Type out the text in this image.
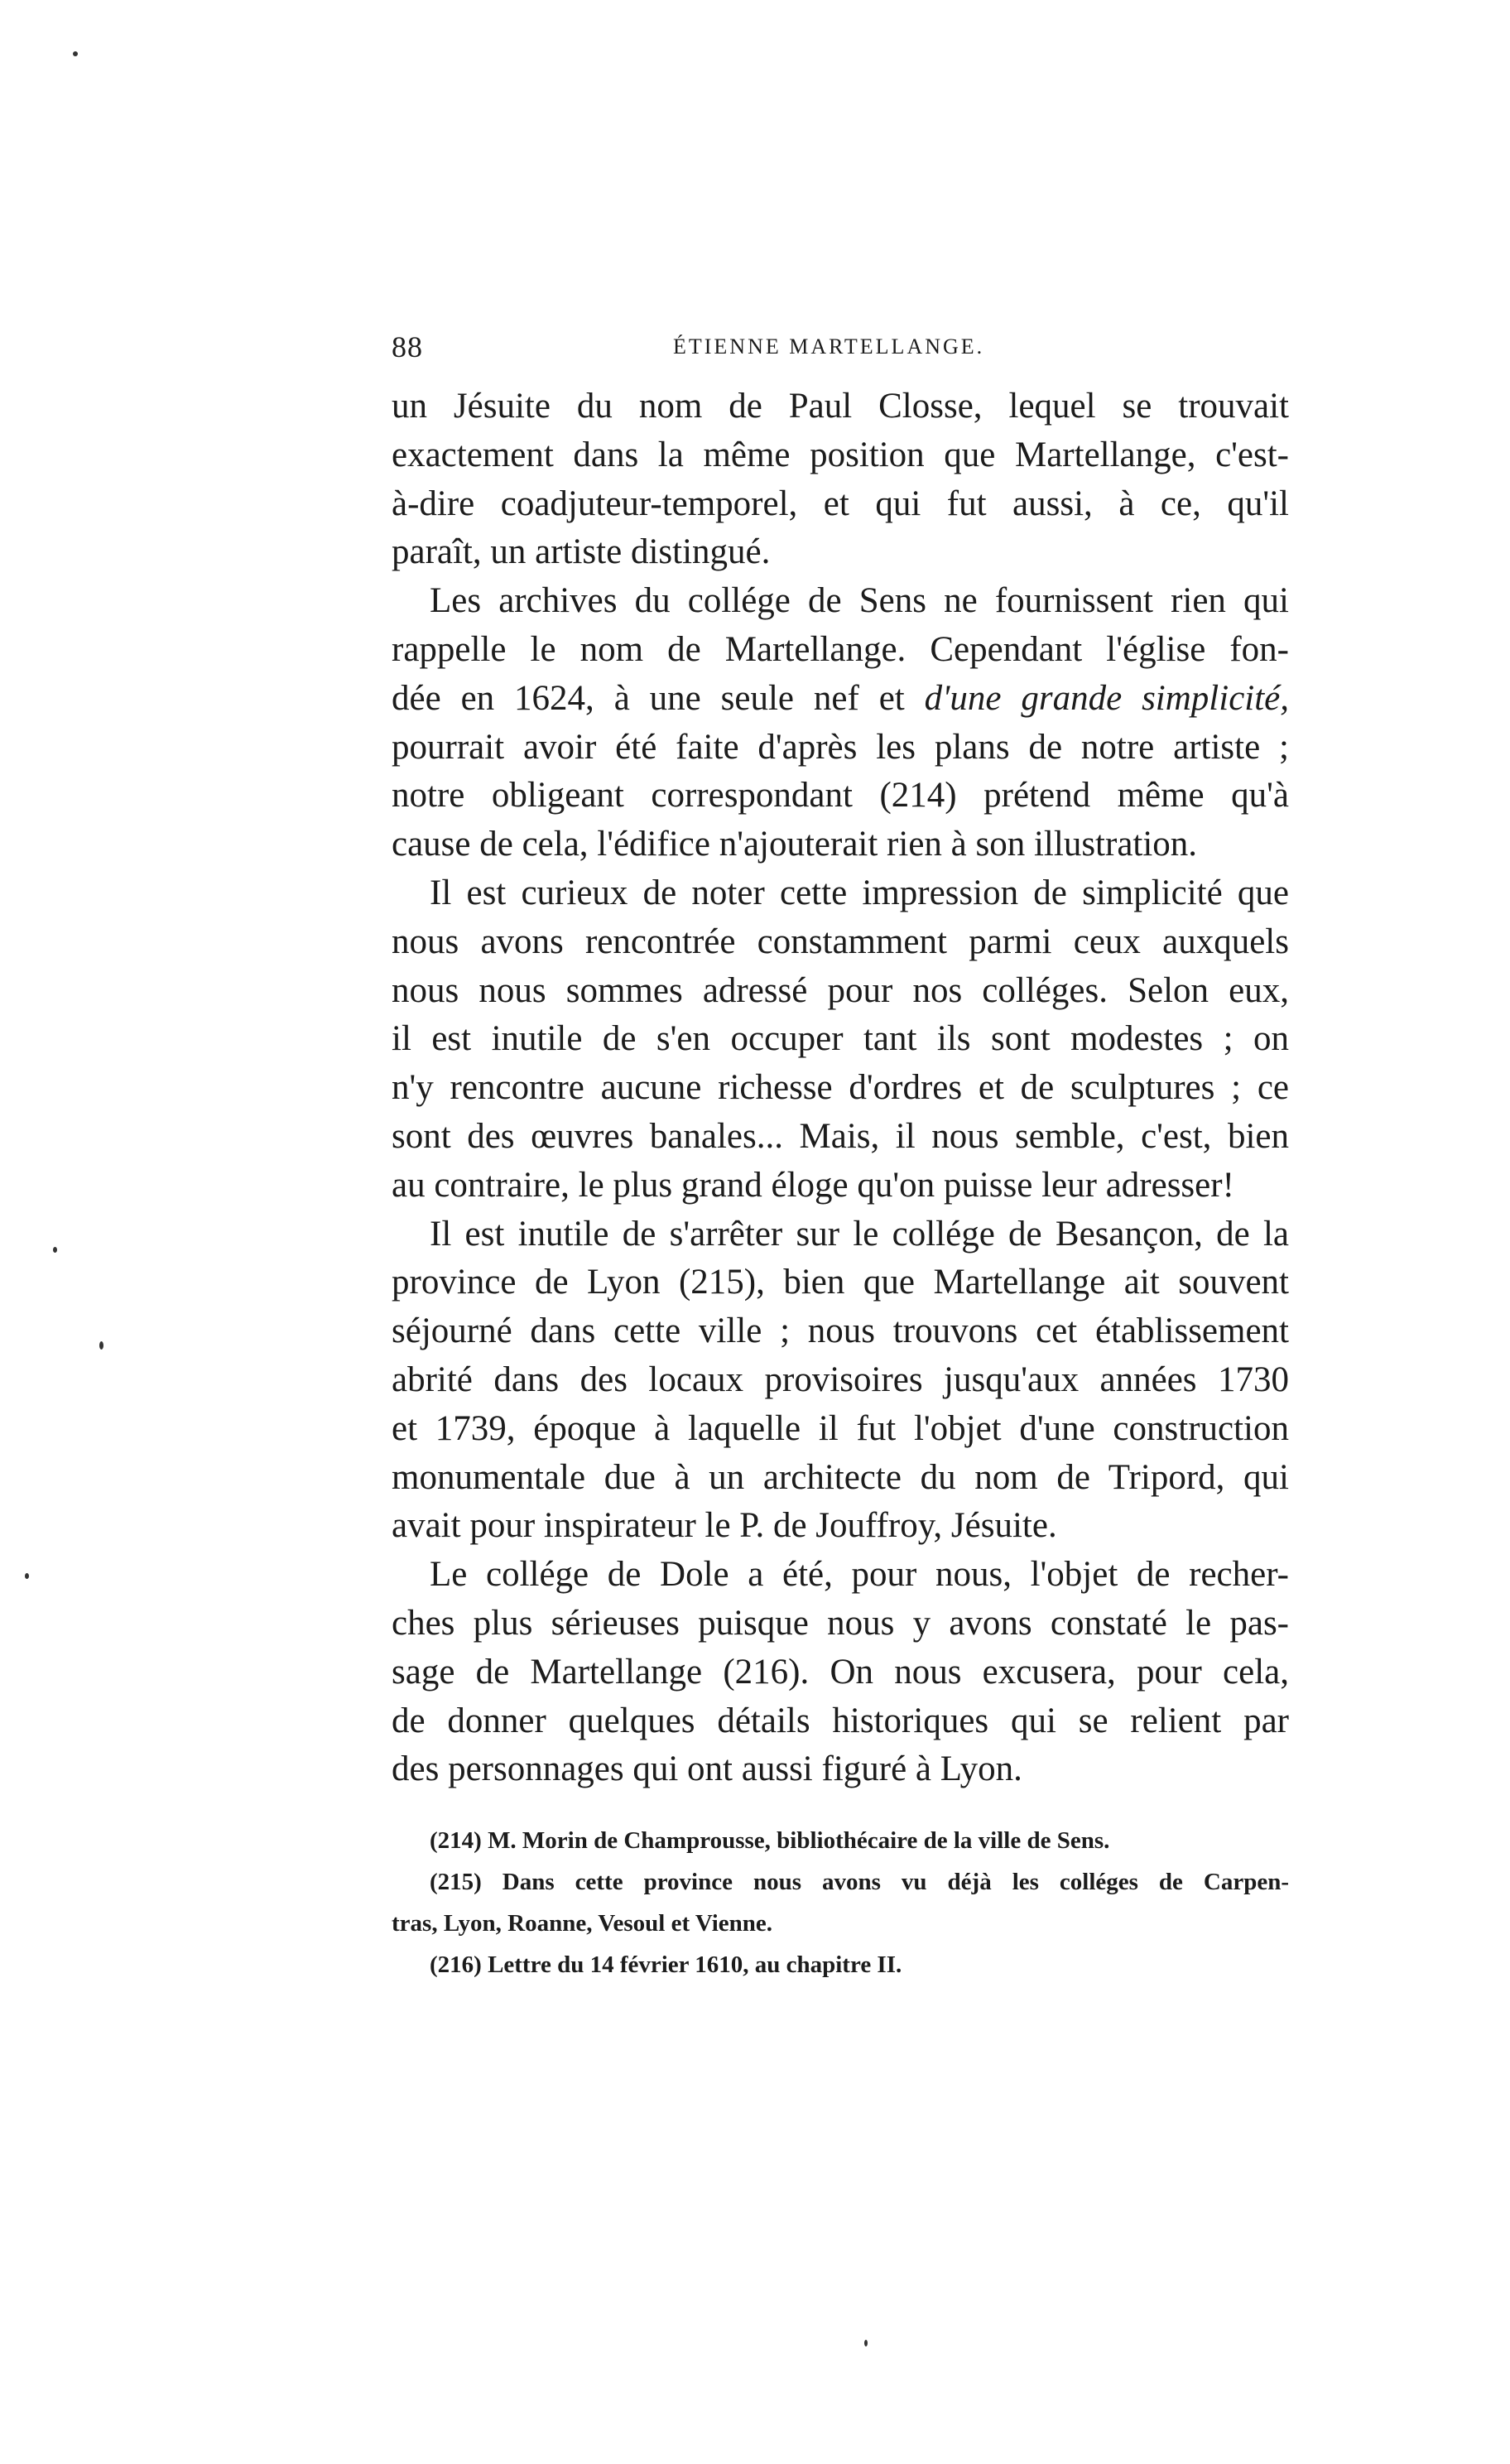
88	ÉTIENNE MARTELLANGE.
un Jésuite du nom de Paul Closse, lequel se trouvait
exactement dans la même position que Martellange, c'est-
à-dire coadjuteur-temporel, et qui fut aussi, à ce, qu'il
paraît, un artiste distingué.
Les archives du collége de Sens ne fournissent rien qui
rappelle le nom de Martellange. Cependant l'église fon-
dée en 1624, à une seule nef et d'une grande simplicité,
pourrait avoir été faite d'après les plans de notre artiste ;
notre obligeant correspondant (214) prétend même qu'à
cause de cela, l'édifice n'ajouterait rien à son illustration.
Il est curieux de noter cette impression de simplicité que
nous avons rencontrée constamment parmi ceux auxquels
nous nous sommes adressé pour nos colléges. Selon eux,
il est inutile de s'en occuper tant ils sont modestes ; on
n'y rencontre aucune richesse d'ordres et de sculptures ; ce
sont des œuvres banales... Mais, il nous semble, c'est, bien
au contraire, le plus grand éloge qu'on puisse leur adresser!
Il est inutile de s'arrêter sur le collége de Besançon, de la
province de Lyon (215), bien que Martellange ait souvent
séjourné dans cette ville ; nous trouvons cet établissement
abrité dans des locaux provisoires jusqu'aux années 1730
et 1739, époque à laquelle il fut l'objet d'une construction
monumentale due à un architecte du nom de Tripord, qui
avait pour inspirateur le P. de Jouffroy, Jésuite.
Le collége de Dole a été, pour nous, l'objet de recher-
ches plus sérieuses puisque nous y avons constaté le pas-
sage de Martellange (216). On nous excusera, pour cela,
de donner quelques détails historiques qui se relient par
des personnages qui ont aussi figuré à Lyon.
(214) M. Morin de Champrousse, bibliothécaire de la ville de Sens.
(215) Dans cette province nous avons vu déjà les colléges de Carpen-
tras, Lyon, Roanne, Vesoul et Vienne.
(216) Lettre du 14 février 1610, au chapitre II.
